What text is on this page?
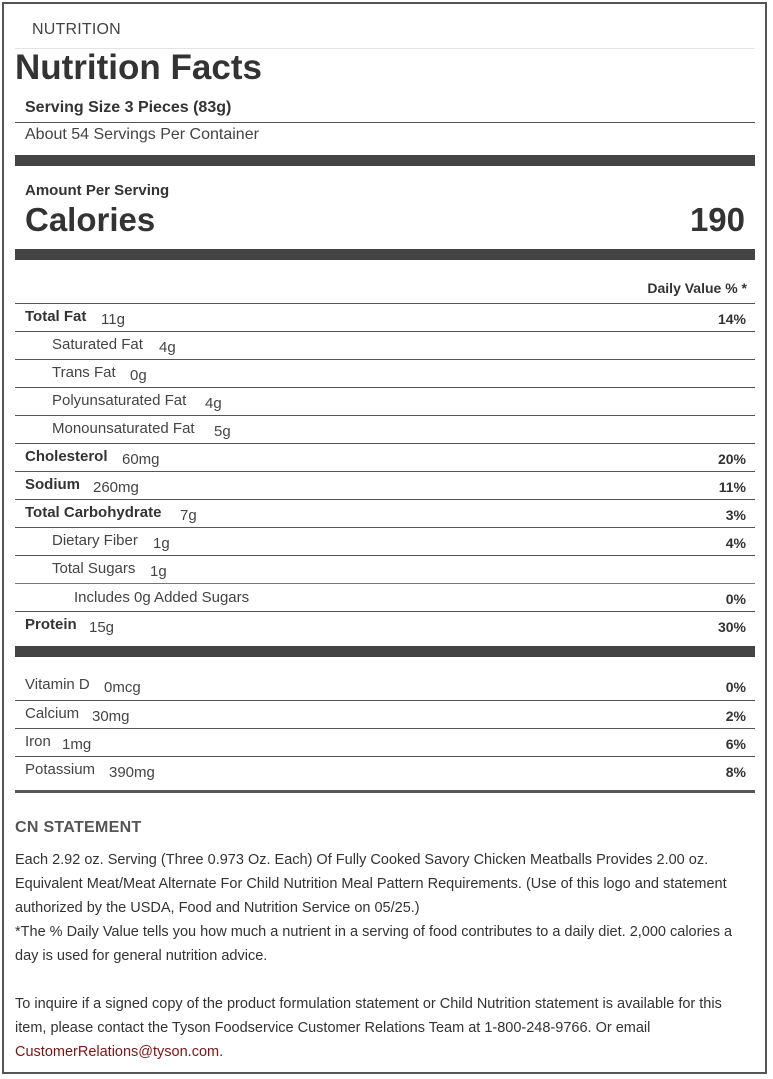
NUTRITION
Nutrition Facts
Serving Size 3 Pieces (83g)
About 54 Servings Per Container
Amount Per Serving
Calories	190
Daily Value % *
Total Fat 11g	14%
Saturated Fat 4g
Trans Fat 0g
Polyunsaturated Fat 4g
Monounsaturated Fat 5g
Cholesterol 60mg	20%
Sodium 260mg	11%
Total Carbohydrate 7g	3%
Dietary Fiber 1g	4%
Total Sugars 1g
Includes 0g Added Sugars	0%
Protein 15g	30%
Vitamin D 0mcg	0%
Calcium 30mg	2%
Iron 1mg	6%
Potassium 390mg	8%
CN STATEMENT
Each 2.92 oz. Serving (Three 0.973 Oz. Each) Of Fully Cooked Savory Chicken Meatballs Provides 2.00 oz. Equivalent Meat/Meat Alternate For Child Nutrition Meal Pattern Requirements. (Use of this logo and statement authorized by the USDA, Food and Nutrition Service on 05/25.)
*The % Daily Value tells you how much a nutrient in a serving of food contributes to a daily diet. 2,000 calories a day is used for general nutrition advice.
To inquire if a signed copy of the product formulation statement or Child Nutrition statement is available for this item, please contact the Tyson Foodservice Customer Relations Team at 1-800-248-9766. Or email CustomerRelations@tyson.com.
